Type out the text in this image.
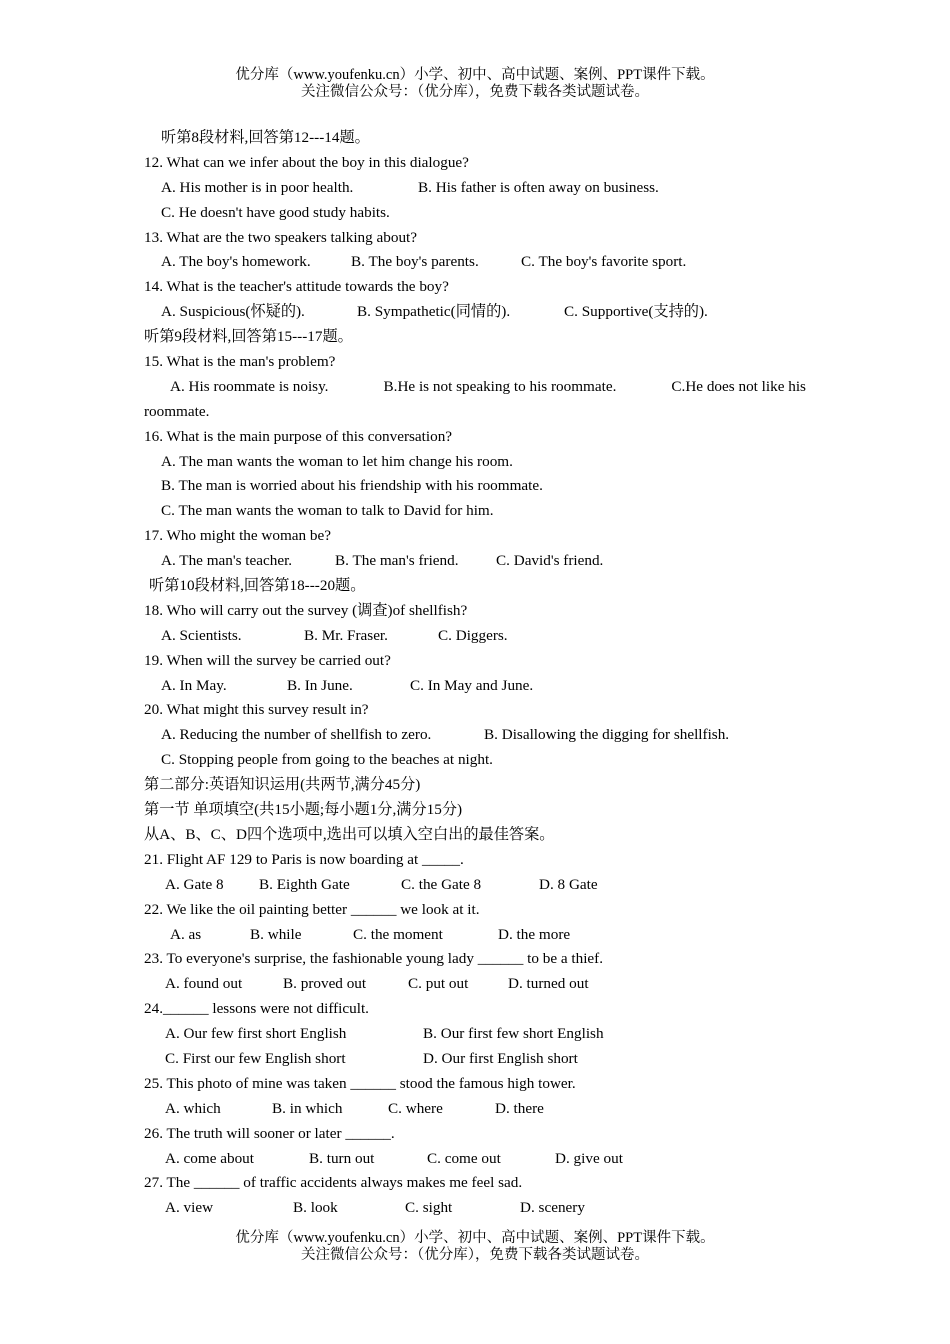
优分库（www.youfenku.cn）小学、初中、高中试题、案例、PPT课件下载。
关注微信公众号：（优分库），免费下载各类试题试卷。
听第8段材料,回答第12---14题。
12. What can we infer about the boy in this dialogue?
A. His mother is in poor health.	B. His father is often away on business.
C. He doesn't have good study habits.
13. What are the two speakers talking about?
A. The boy's homework.	B. The boy's parents.	C. The boy's favorite sport.
14. What is the teacher's attitude towards the boy?
A. Suspicious(怀疑的).	B. Sympathetic(同情的).	C. Supportive(支持的).
听第9段材料,回答第15---17题。
15. What is the man's problem?
A. His roommate is noisy.	B.He is not speaking to his roommate.	C.He does not like his
roommate.
16. What is the main purpose of this conversation?
A. The man wants the woman to let him change his room.
B. The man is worried about his friendship with his roommate.
C. The man wants the woman to talk to David for him.
17. Who might the woman be?
A. The man's teacher.	B. The man's friend. C. David's friend.
听第10段材料,回答第18---20题。
18. Who will carry out the survey (调查)of shellfish?
A. Scientists.	B. Mr. Fraser.	C. Diggers.
19. When will the survey be carried out?
A. In May.	B. In June.	C. In May and June.
20. What might this survey result in?
A. Reducing the number of shellfish to zero.	B. Disallowing the digging for shellfish.
C. Stopping people from going to the beaches at night.
第二部分:英语知识运用(共两节,满分45分)
第一节 单项填空(共15小题;每小题1分,满分15分)
从A、B、C、D四个选项中,选出可以填入空白出的最佳答案。
21. Flight AF 129 to Paris is now boarding at _____.
A. Gate 8 B. Eighth Gate	C. the Gate 8	D. 8 Gate
22. We like the oil painting better ______ we look at it.
A. as	B. while	C. the moment	D. the more
23. To everyone's surprise, the fashionable young lady ______ to be a thief.
A. found out	B. proved out	C. put out	D. turned out
24.______ lessons were not difficult.
A. Our few first short English	B. Our first few short English
C. First our few English short	D. Our first English short
25. This photo of mine was taken ______ stood the famous high tower.
A. which	B. in which	C. where	D. there
26. The truth will sooner or later ______.
A. come about	B. turn out	C. come out	D. give out
27. The ______ of traffic accidents always makes me feel sad.
A. view	B. look	C. sight	D. scenery
优分库（www.youfenku.cn）小学、初中、高中试题、案例、PPT课件下载。
关注微信公众号：（优分库），免费下载各类试题试卷。
